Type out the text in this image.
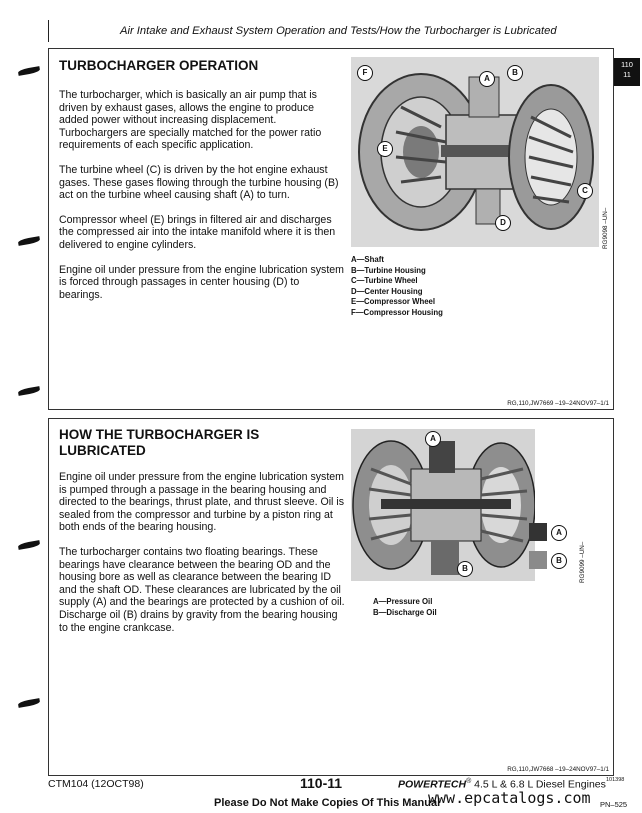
Air Intake and Exhaust System Operation and Tests/How the Turbocharger is Lubricated
110
11
TURBOCHARGER OPERATION

The turbocharger, which is basically an air pump that is driven by exhaust gases, allows the engine to produce added power without increasing displacement. Turbochargers are specially matched for the power ratio requirements of each specific application.

The turbine wheel (C) is driven by the hot engine exhaust gases. These gases flowing through the turbine housing (B) act on the turbine wheel causing shaft (A) to turn.

Compressor wheel (E) brings in filtered air and discharges the compressed air into the intake manifold where it is then delivered to engine cylinders.

Engine oil under pressure from the engine lubrication system is forced through passages in center housing (D) to bearings.

F
A
B
E
C
D	RG9098 –UN–
A—Shaft
B—Turbine Housing
C—Turbine Wheel
D—Center Housing
E—Compressor Wheel
F—Compressor Housing
RG,110,JW7669 –19–24NOV97–1/1
HOW THE TURBOCHARGER IS
LUBRICATED

Engine oil under pressure from the engine lubrication system is pumped through a passage in the bearing housing and directed to the bearings, thrust plate, and thrust sleeve. Oil is sealed from the compressor and turbine by a piston ring at both ends of the bearing housing.

The turbocharger contains two floating bearings. These bearings have clearance between the bearing OD and the housing bore as well as clearance between the bearing ID and the shaft OD. These clearances are lubricated by the oil supply (A) and the bearings are protected by a cushion of oil. Discharge oil (B) drains by gravity from the bearing housing to the engine crankcase.

A
B
A
B	RG9099 –UN–
A—Pressure Oil
B—Discharge Oil
RG,110,JW7668 –19–24NOV97–1/1
CTM104 (12OCT98)	110-11	POWERTECH® 4.5 L & 6.8 L Diesel Engines 101398
PN–525
Please Do Not Make Copies Of This Manual
www.epcatalogs.com
